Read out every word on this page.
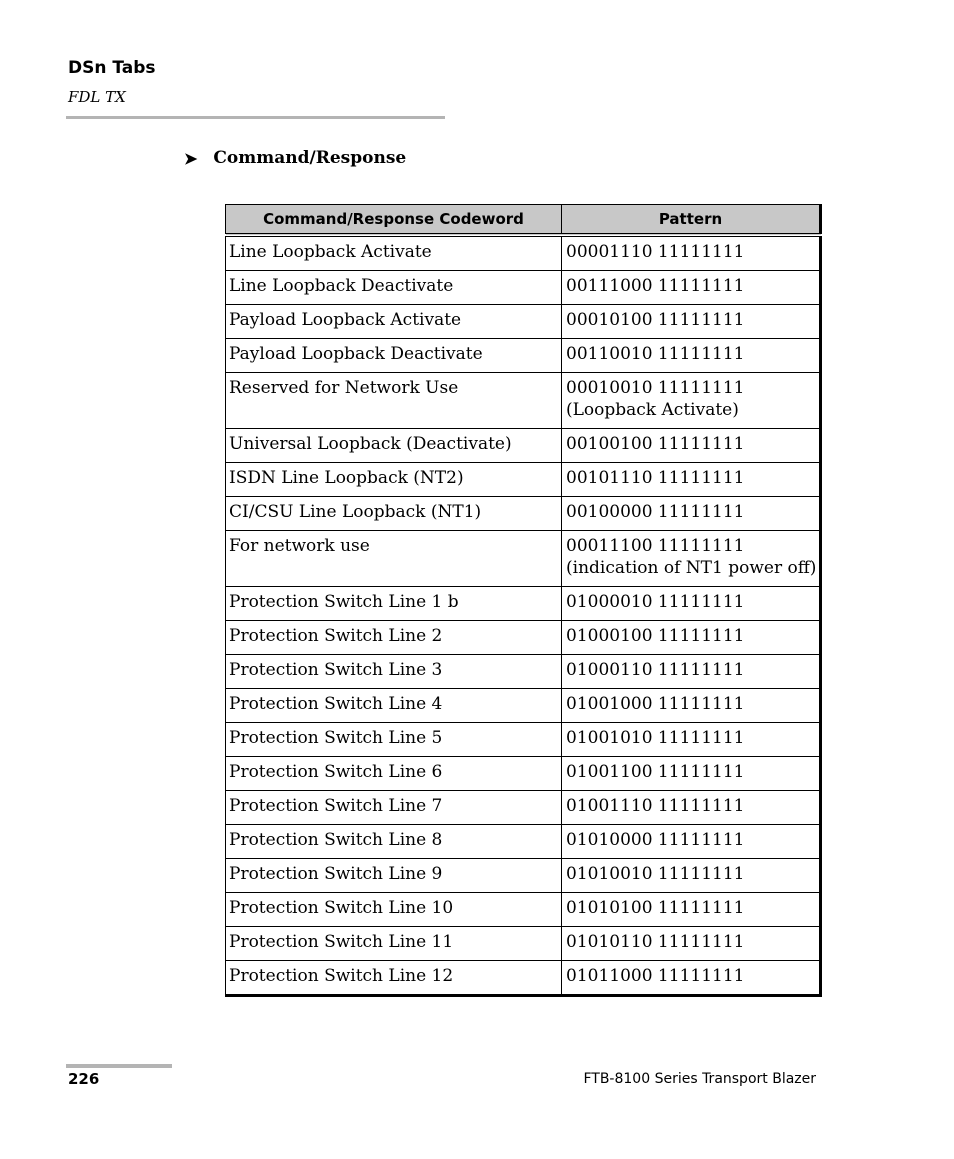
DSn Tabs
FDL TX
➤ Command/Response
Command/Response Codeword	Pattern
Line Loopback Activate	00001110 11111111

Line Loopback Deactivate	00111000 11111111

Payload Loopback Activate	00010100 11111111

Payload Loopback Deactivate	00110010 11111111

Reserved for Network Use	00010010 11111111
(Loopback Activate)

Universal Loopback (Deactivate)	00100100 11111111

ISDN Line Loopback (NT2)	00101110 11111111

CI/CSU Line Loopback (NT1)	00100000 11111111

For network use	00011100 11111111
(indication of NT1 power off)

Protection Switch Line 1 b	01000010 11111111

Protection Switch Line 2	01000100 11111111

Protection Switch Line 3	01000110 11111111

Protection Switch Line 4	01001000 11111111

Protection Switch Line 5	01001010 11111111

Protection Switch Line 6	01001100 11111111

Protection Switch Line 7	01001110 11111111

Protection Switch Line 8	01010000 11111111

Protection Switch Line 9	01010010 11111111

Protection Switch Line 10	01010100 11111111

Protection Switch Line 11	01010110 11111111

Protection Switch Line 12	01011000 11111111
226	FTB-8100 Series Transport Blazer
